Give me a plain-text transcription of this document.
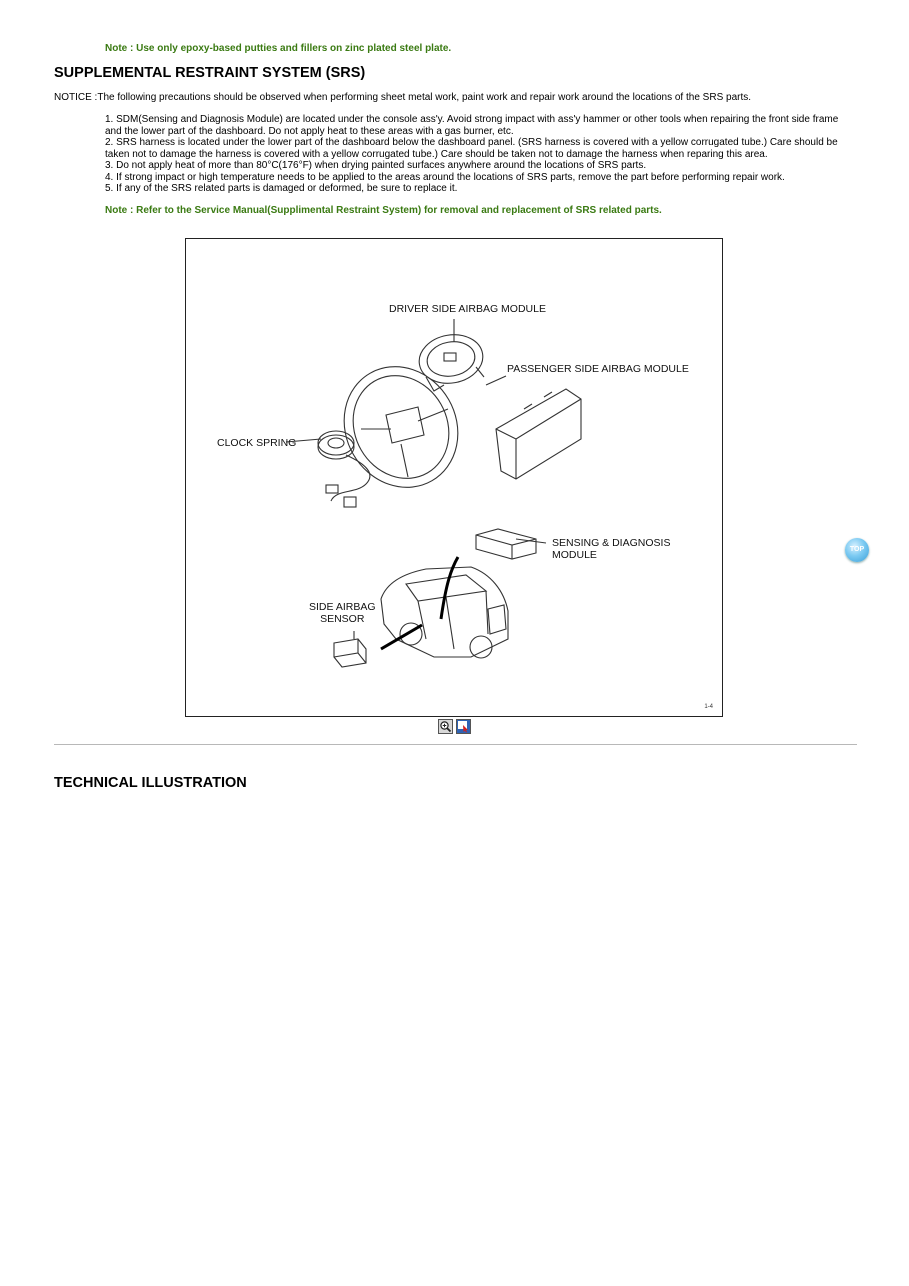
Note : Use only epoxy-based putties and fillers on zinc plated steel plate.
SUPPLEMENTAL RESTRAINT SYSTEM (SRS)
NOTICE :The following precautions should be observed when performing sheet metal work, paint work and repair work around the locations of the SRS parts.
1. SDM(Sensing and Diagnosis Module) are located under the console ass'y. Avoid strong impact with ass'y hammer or other tools when repairing the front side frame and the lower part of the dashboard. Do not apply heat to these areas with a gas burner, etc.
2. SRS harness is located under the lower part of the dashboard below the dashboard panel. (SRS harness is covered with a yellow corrugated tube.) Care should be taken not to damage the harness is covered with a yellow corrugated tube.) Care should be taken not to damage the harness when reparing this area.
3. Do not apply heat of more than 80°C(176°F) when drying painted surfaces anywhere around the locations of SRS parts.
4. If strong impact or high temperature needs to be applied to the areas around the locations of SRS parts, remove the part before performing repair work.
5. If any of the SRS related parts is damaged or deformed, be sure to replace it.
Note : Refer to the Service Manual(Supplimental Restraint System) for removal and replacement of SRS related parts.
DRIVER SIDE AIRBAG MODULE
PASSENGER SIDE AIRBAG MODULE
CLOCK SPRING
SENSING & DIAGNOSIS
MODULE
SIDE AIRBAG
SENSOR
1-4
TECHNICAL ILLUSTRATION
TOP
